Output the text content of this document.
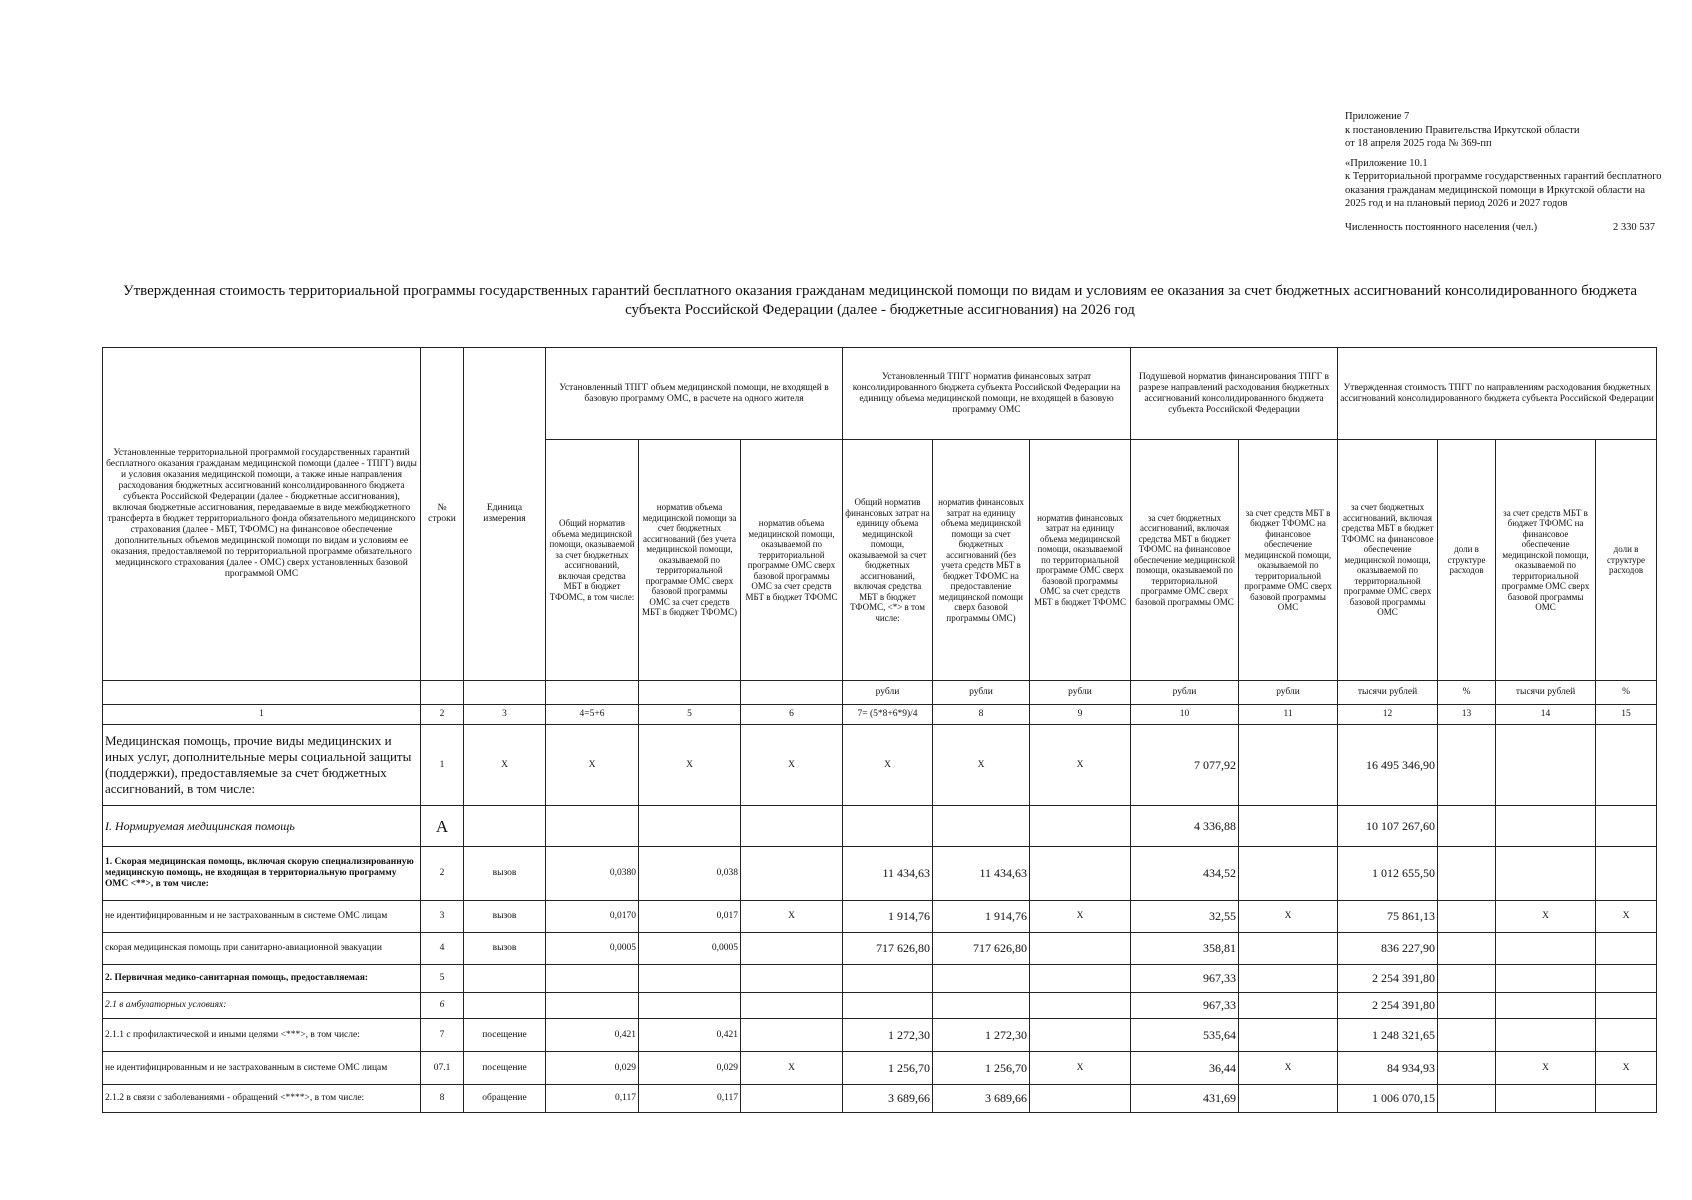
Приложение 7

к постановлению Правительства Иркутской области

от 18 апреля 2025 года № 369-пп

«Приложение 10.1

к Территориальной программе государственных гарантий бесплатного оказания гражданам медицинской помощи в Иркутской области на 2025 год и на плановый период 2026 и 2027 годов

Численность постоянного населения (чел.)	2 330 537
Утвержденная стоимость территориальной программы государственных гарантий бесплатного оказания гражданам медицинской помощи по видам и условиям ее оказания за счет бюджетных ассигнований консолидированного бюджета субъекта Российской Федерации (далее - бюджетные ассигнования) на 2026 год
Установленные территориальной программой государственных гарантий бесплатного оказания гражданам медицинской помощи (далее - ТПГГ) виды и условия оказания медицинской помощи, а также иные направления расходования бюджетных ассигнований консолидированного бюджета субъекта Российской Федерации (далее - бюджетные ассигнования), включая бюджетные ассигнования, передаваемые в виде межбюджетного трансферта в бюджет территориального фонда обязательного медицинского страхования (далее - МБТ, ТФОМС) на финансовое обеспечение дополнительных объемов медицинской помощи по видам и условиям ее оказания, предоставляемой по территориальной программе обязательного медицинского страхования (далее - ОМС) сверх установленных базовой программой ОМС	№ строки	Единица измерения	Установленный ТПГГ объем медицинской помощи, не входящей в базовую программу ОМС, в расчете на одного жителя			Установленный ТПГГ норматив финансовых затрат консолидированного бюджета субъекта Российской Федерации на единицу объема медицинской помощи, не входящей в базовую программу ОМС			Подушевой норматив финансирования ТПГГ в разрезе направлений расходования бюджетных ассигнований консолидированного бюджета субъекта Российской Федерации		Утвержденная стоимость ТПГГ по направлениям расходования бюджетных ассигнований консолидированного бюджета субъекта Российской Федерации			
			Общий норматив объема медицинской помощи, оказываемой за счет бюджетных ассигнований, включая средства МБТ в бюджет ТФОМС, в том числе:	норматив объема медицинской помощи за счет бюджетных ассигнований (без учета медицинской помощи, оказываемой по территориальной программе ОМС сверх базовой программы ОМС за счет средств МБТ в бюджет ТФОМС)	норматив объема медицинской помощи, оказываемой по территориальной программе ОМС сверх базовой программы ОМС за счет средств МБТ в бюджет ТФОМС	Общий норматив финансовых затрат на единицу объема медицинской помощи, оказываемой за счет бюджетных ассигнований, включая средства МБТ в бюджет ТФОМС, <*> в том числе:	норматив финансовых затрат на единицу объема медицинской помощи за счет бюджетных ассигнований (без учета средств МБТ в бюджет ТФОМС на предоставление медицинской помощи сверх базовой программы ОМС)	норматив финансовых затрат на единицу объема медицинской помощи, оказываемой по территориальной программе ОМС сверх базовой программы ОМС за счет средств МБТ в бюджет ТФОМС	за счет бюджетных ассигнований, включая средства МБТ в бюджет ТФОМС на финансовое обеспечение медицинской помощи, оказываемой по территориальной программе ОМС сверх базовой программы ОМС	за счет средств МБТ в бюджет ТФОМС на финансовое обеспечение медицинской помощи, оказываемой по территориальной программе ОМС сверх базовой программы ОМС	за счет бюджетных ассигнований, включая средства МБТ в бюджет ТФОМС на финансовое обеспечение медицинской помощи, оказываемой по территориальной программе ОМС сверх базовой программы ОМС	доли в структуре расходов	за счет средств МБТ в бюджет ТФОМС на финансовое обеспечение медицинской помощи, оказываемой по территориальной программе ОМС сверх базовой программы ОМС	доли в структуре расходов
						рубли	рубли	рубли	рубли	рубли	тысячи рублей	%	тысячи рублей	%
1	2	3	4=5+6	5	6	7= (5*8+6*9)/4	8	9	10	11	12	13	14	15
Медицинская помощь, прочие виды медицинских и иных услуг, дополнительные меры социальной защиты (поддержки), предоставляемые за счет бюджетных ассигнований, в том числе:	1	X	X	X	X	X	X	X	7 077,92		16 495 346,90			
I. Нормируемая медицинская помощь	А								4 336,88		10 107 267,60			
1. Скорая медицинская помощь, включая скорую специализированную медицинскую помощь, не входящая в территориальную программу ОМС <**>, в том числе:	2	вызов	0,0380	0,038		11 434,63	11 434,63		434,52		1 012 655,50			
не идентифицированным и не застрахованным в системе ОМС лицам	3	вызов	0,0170	0,017	X	1 914,76	1 914,76	X	32,55	X	75 861,13		X	X
скорая медицинская помощь при санитарно-авиационной эвакуации	4	вызов	0,0005	0,0005		717 626,80	717 626,80		358,81		836 227,90			
2. Первичная медико-санитарная помощь, предоставляемая:	5								967,33		2 254 391,80			
2.1 в амбулаторных условиях:	6								967,33		2 254 391,80			
2.1.1 с профилактической и иными целями <***>, в том числе:	7	посещение	0,421	0,421		1 272,30	1 272,30		535,64		1 248 321,65			
не идентифицированным и не застрахованным в системе ОМС лицам	07.1	посещение	0,029	0,029	X	1 256,70	1 256,70	X	36,44	X	84 934,93		X	X
2.1.2 в связи с заболеваниями - обращений <****>, в том числе:	8	обращение	0,117	0,117		3 689,66	3 689,66		431,69		1 006 070,15			
